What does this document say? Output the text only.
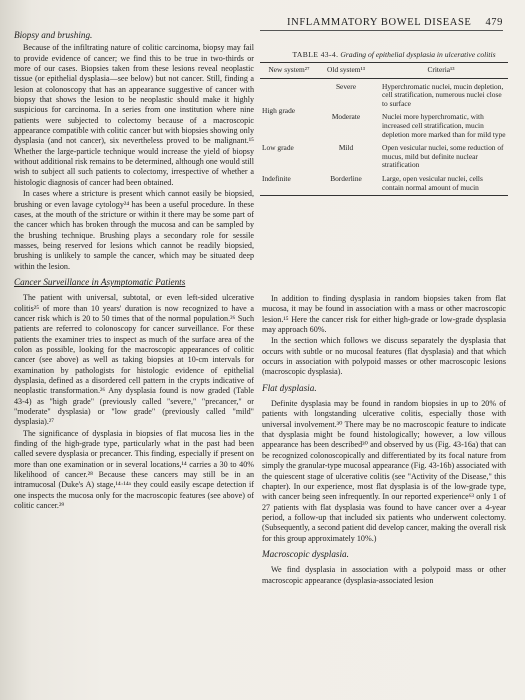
INFLAMMATORY BOWEL DISEASE 479
Biopsy and brushing.

Because of the infiltrating nature of colitic carcinoma, biopsy may fail to provide evidence of cancer; we find this to be true in two-thirds or more of our cases. Biopsies taken from these lesions reveal neoplastic tissue (or epithelial dysplasia—see below) but not cancer. Still, finding a lesion at colonoscopy that has an appearance suggestive of cancer with biopsy that shows the lesion to be neoplastic should make it highly suspicious for carcinoma. In a series from one institution where nine patients were subjected to colectomy because of a macroscopic appearance compatible with colitic cancer but with biopsies showing only dysplasia (and not cancer), six nevertheless proved to be malignant.¹⁵ Whether the large-particle technique would increase the yield of biopsy without additional risk remains to be determined, although one would still wish to subject all such patients to colectomy, irrespective of whether a histologic diagnosis of cancer had been obtained.

In cases where a stricture is present which cannot easily be biopsied, brushing or even lavage cytology²⁴ has been a useful procedure. In these cases, at the mouth of the stricture or within it there may be some part of the cancer which has broken through the mucosa and can be sampled by the brushing technique. Brushing plays a secondary role for sessile masses, being reserved for lesions which cannot be readily biopsied, brushing is unlikely to sample the cancer, which may be situated deep within the lesion.

Cancer Surveillance in Asymptomatic Patients

The patient with universal, subtotal, or even left-sided ulcerative colitis²⁵ of more than 10 years' duration is now recognized to have a cancer risk which is 20 to 50 times that of the normal population.²⁶ Such patients are referred to colonoscopy for cancer surveillance. For these patients the examiner tries to inspect as much of the surface area of the colon as possible, looking for the macroscopic appearances of colitic cancer (see above) as well as taking biopsies at 10-cm intervals for examination by pathologists for histologic evidence of epithelial dysplasia, defined as a disordered cell pattern in the crypts indicative of neoplastic transformation.²⁶ Any dysplasia found is now graded (Table 43-4) as "high grade" (previously called "severe," "precancer," or "moderate" dysplasia) or "low grade" (previously called "mild" dysplasia).²⁷

The significance of dysplasia in biopsies of flat mucosa lies in the finding of the high-grade type, particularly what in the past had been called severe dysplasia or precancer. This finding, especially if present on more than one examination or in several locations,¹⁴ carries a 30 to 40% likelihood of cancer.²⁸ Because these cancers may still be in an intramucosal (Duke's A) stage,¹⁴·¹⁴ᵃ they could easily escape detection if one inspects the mucosa only for the macroscopic features (see above) of colitic cancer.²⁹

TABLE 43-4. Grading of epithelial dysplasia in ulcerative colitis
New system²⁷	Old system¹³	Criteria¹³
High grade	Severe	Hyperchromatic nuclei, mucin depletion, cell stratification, numerous nuclei close to surface
	Moderate	Nuclei more hyperchromatic, with increased cell stratification, mucin depletion more marked than for mild type
Low grade	Mild	Open vesicular nuclei, some reduction of mucus, mild but definite nuclear stratification
Indefinite	Borderline	Large, open vesicular nuclei, cells contain normal amount of mucin

In addition to finding dysplasia in random biopsies taken from flat mucosa, it may be found in association with a mass or other macroscopic lesion.¹⁵ Here the cancer risk for either high-grade or low-grade dysplasia may approach 60%.

In the section which follows we discuss separately the dysplasia that occurs with subtle or no mucosal features (flat dysplasia) and that which occurs in association with polypoid masses or other macroscopic lesions (macroscopic dysplasia).

Flat dysplasia.

Definite dysplasia may be found in random biopsies in up to 20% of patients with longstanding ulcerative colitis, especially those with universal involvement.³⁰ There may be no macroscopic feature to indicate that dysplasia might be found histologically; however, a low villous appearance has been described³⁰ and observed by us (Fig. 43-16a) that can be recognized colonoscopically and differentiated by its focal nature from simply the granular-type mucosal appearance (Fig. 43-16b) associated with the quiescent stage of ulcerative colitis (see "Activity of the Disease," this chapter). In our experience, most flat dysplasia is of the low-grade type, with cancer being seen infrequently. In our reported experience⁶³ only 1 of 27 patients with flat dysplasia was found to have cancer over a 4-year period, a follow-up that included six patients who underwent colectomy. (Subsequently, a second patient did develop cancer, making the overall risk for this group approximately 10%.)

Macroscopic dysplasia.

We find dysplasia in association with a polypoid mass or other macroscopic appearance (dysplasia-associated lesion
